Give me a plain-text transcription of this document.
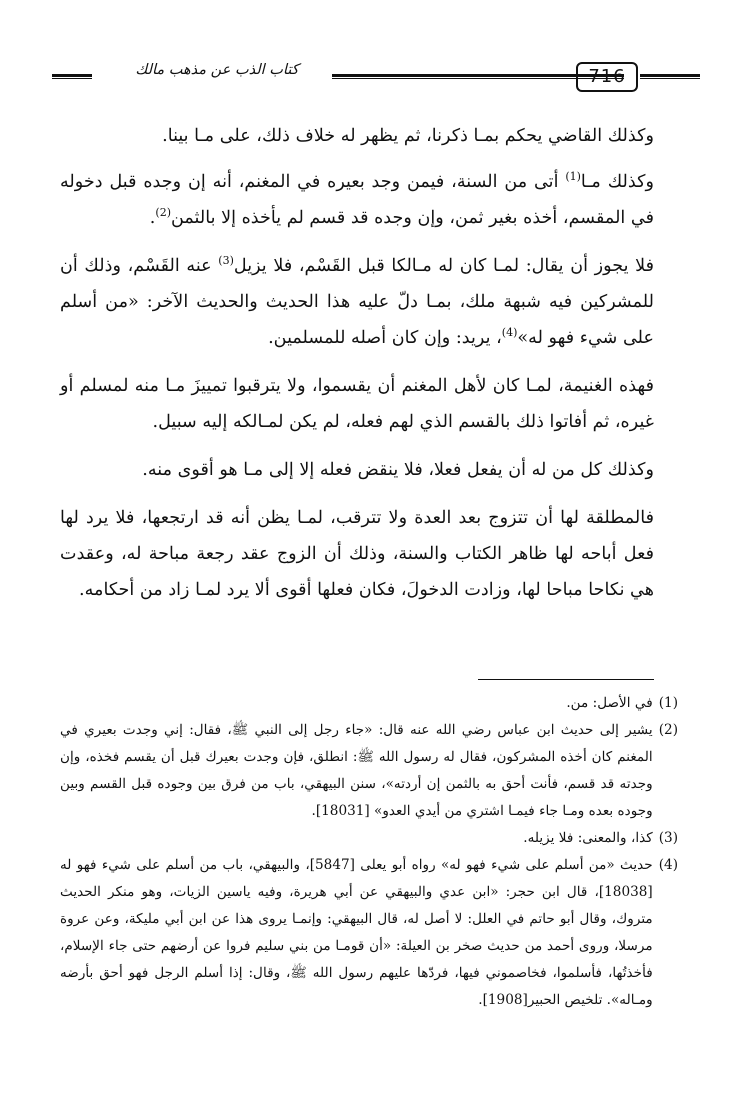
716
كتاب الذب عن مذهب مالك

وكذلك القاضي يحكم بمـا ذكرنا، ثم يظهر له خلاف ذلك، على مـا بينا.

وكذلك مـا$^{(1)}$ أتى من السنة، فيمن وجد بعيره في المغنم، أنه إن وجده قبل دخوله في المقسم، أخذه بغير ثمن، وإن وجده قد قسم لم يأخذه إلا بالثمن$^{(2)}$.

فلا يجوز أن يقال: لمـا كان له مـالكا قبل القَسْم، فلا يزيل$^{(3)}$ عنه القَسْم، وذلك أن للمشركين فيه شبهة ملك، بمـا دلّ عليه هذا الحديث والحديث الآخر: «من أسلم على شيء فهو له»$^{(4)}$، يريد: وإن كان أصله للمسلمين.

فهذه الغنيمة، لمـا كان لأهل المغنم أن يقسموا، ولا يترقبوا تمييزَ مـا منه لمسلم أو غيره، ثم أفاتوا ذلك بالقسم الذي لهم فعله، لم يكن لمـالكه إليه سبيل.

وكذلك كل من له أن يفعل فعلا، فلا ينقض فعله إلا إلى مـا هو أقوى منه.

فالمطلقة لها أن تتزوج بعد العدة ولا تترقب، لمـا يظن أنه قد ارتجعها، فلا يرد لها فعل أباحه لها ظاهر الكتاب والسنة، وذلك أن الزوج عقد رجعة مباحة له، وعقدت هي نكاحا مباحا لها، وزادت الدخولَ، فكان فعلها أقوى ألا يرد لمـا زاد من أحكامه.

(1)
في الأصل: من.
(2)
يشير إلى حديث ابن عباس رضي الله عنه قال: «جاء رجل إلى النبي ﷺ، فقال: إني وجدت بعيري في المغنم كان أخذه المشركون، فقال له رسول الله ﷺ: انطلق، فإن وجدت بعيرك قبل أن يقسم فخذه، وإن وجدته قد قسم، فأنت أحق به بالثمن إن أردته»، سنن البيهقي، باب من فرق بين وجوده قبل القسم وبين وجوده بعده ومـا جاء فيمـا اشتري من أيدي العدو» [18031].
(3)
كذا، والمعنى: فلا يزيله.
(4)
حديث «من أسلم على شيء فهو له» رواه أبو يعلى [5847]، والبيهقي، باب من أسلم على شيء فهو له [18038]، قال ابن حجر: «ابن عدي والبيهقي عن أبي هريرة، وفيه ياسين الزيات، وهو منكر الحديث متروك، وقال أبو حاتم في العلل: لا أصل له، قال البيهقي: وإنمـا يروى هذا عن ابن أبي مليكة، وعن عروة مرسلا، وروى أحمد من حديث صخر بن العيلة: «أن قومـا من بني سليم فروا عن أرضهم حتى جاء الإسلام، فأخذتُها، فأسلموا، فخاصموني فيها، فردّها عليهم رسول الله ﷺ، وقال: إذا أسلم الرجل فهو أحق بأرضه ومـاله». تلخيص الحبير[1908].
